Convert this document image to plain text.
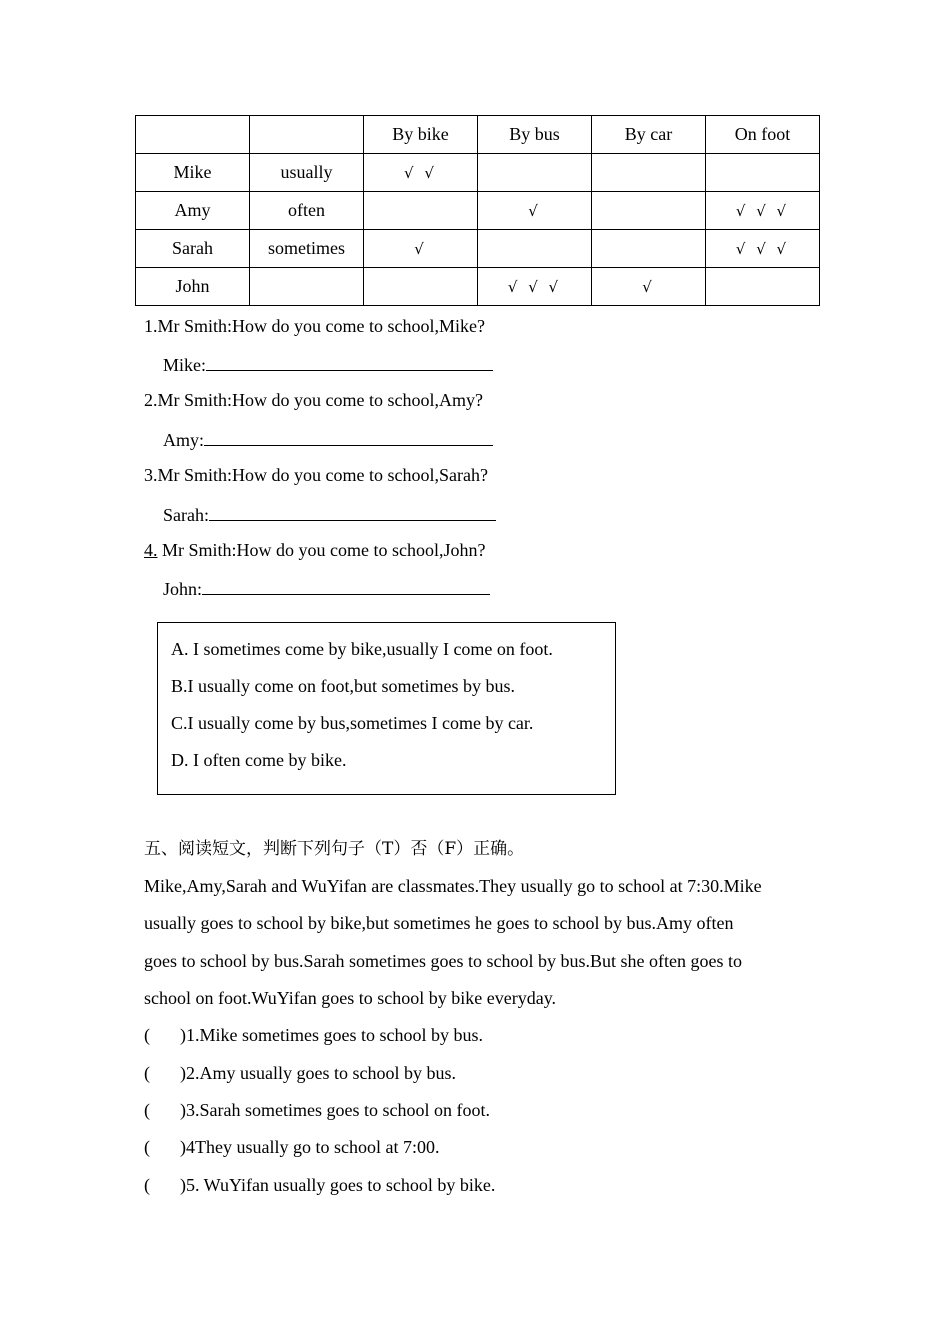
		By bike	By bus	By car	On foot
Mike	usually	√ √			
Amy	often		√		√ √ √
Sarah	sometimes	√			√ √ √
John			√ √ √	√	
1.Mr Smith:How do you come to school,Mike?
Mike:
2.Mr Smith:How do you come to school,Amy?
Amy:
3.Mr Smith:How do you come to school,Sarah?
Sarah:
4. Mr Smith:How do you come to school,John?
John:
A. I sometimes come by bike,usually I come on foot.
B.I usually come on foot,but sometimes by bus.
C.I usually come by bus,sometimes I come by car.
D. I often come by bike.
五、阅读短文，判断下列句子（T）否（F）正确。
Mike,Amy,Sarah and WuYifan are classmates.They usually go to school at 7:30.Mike
usually goes to school by bike,but sometimes he goes to school by bus.Amy often
goes to school by bus.Sarah sometimes goes to school by bus.But she often goes to
school on foot.WuYifan goes to school by bike everyday.
( )1.Mike sometimes goes to school by bus.
( )2.Amy usually goes to school by bus.
( )3.Sarah sometimes goes to school on foot.
( )4They usually go to school at 7:00.
( )5. WuYifan usually goes to school by bike.
